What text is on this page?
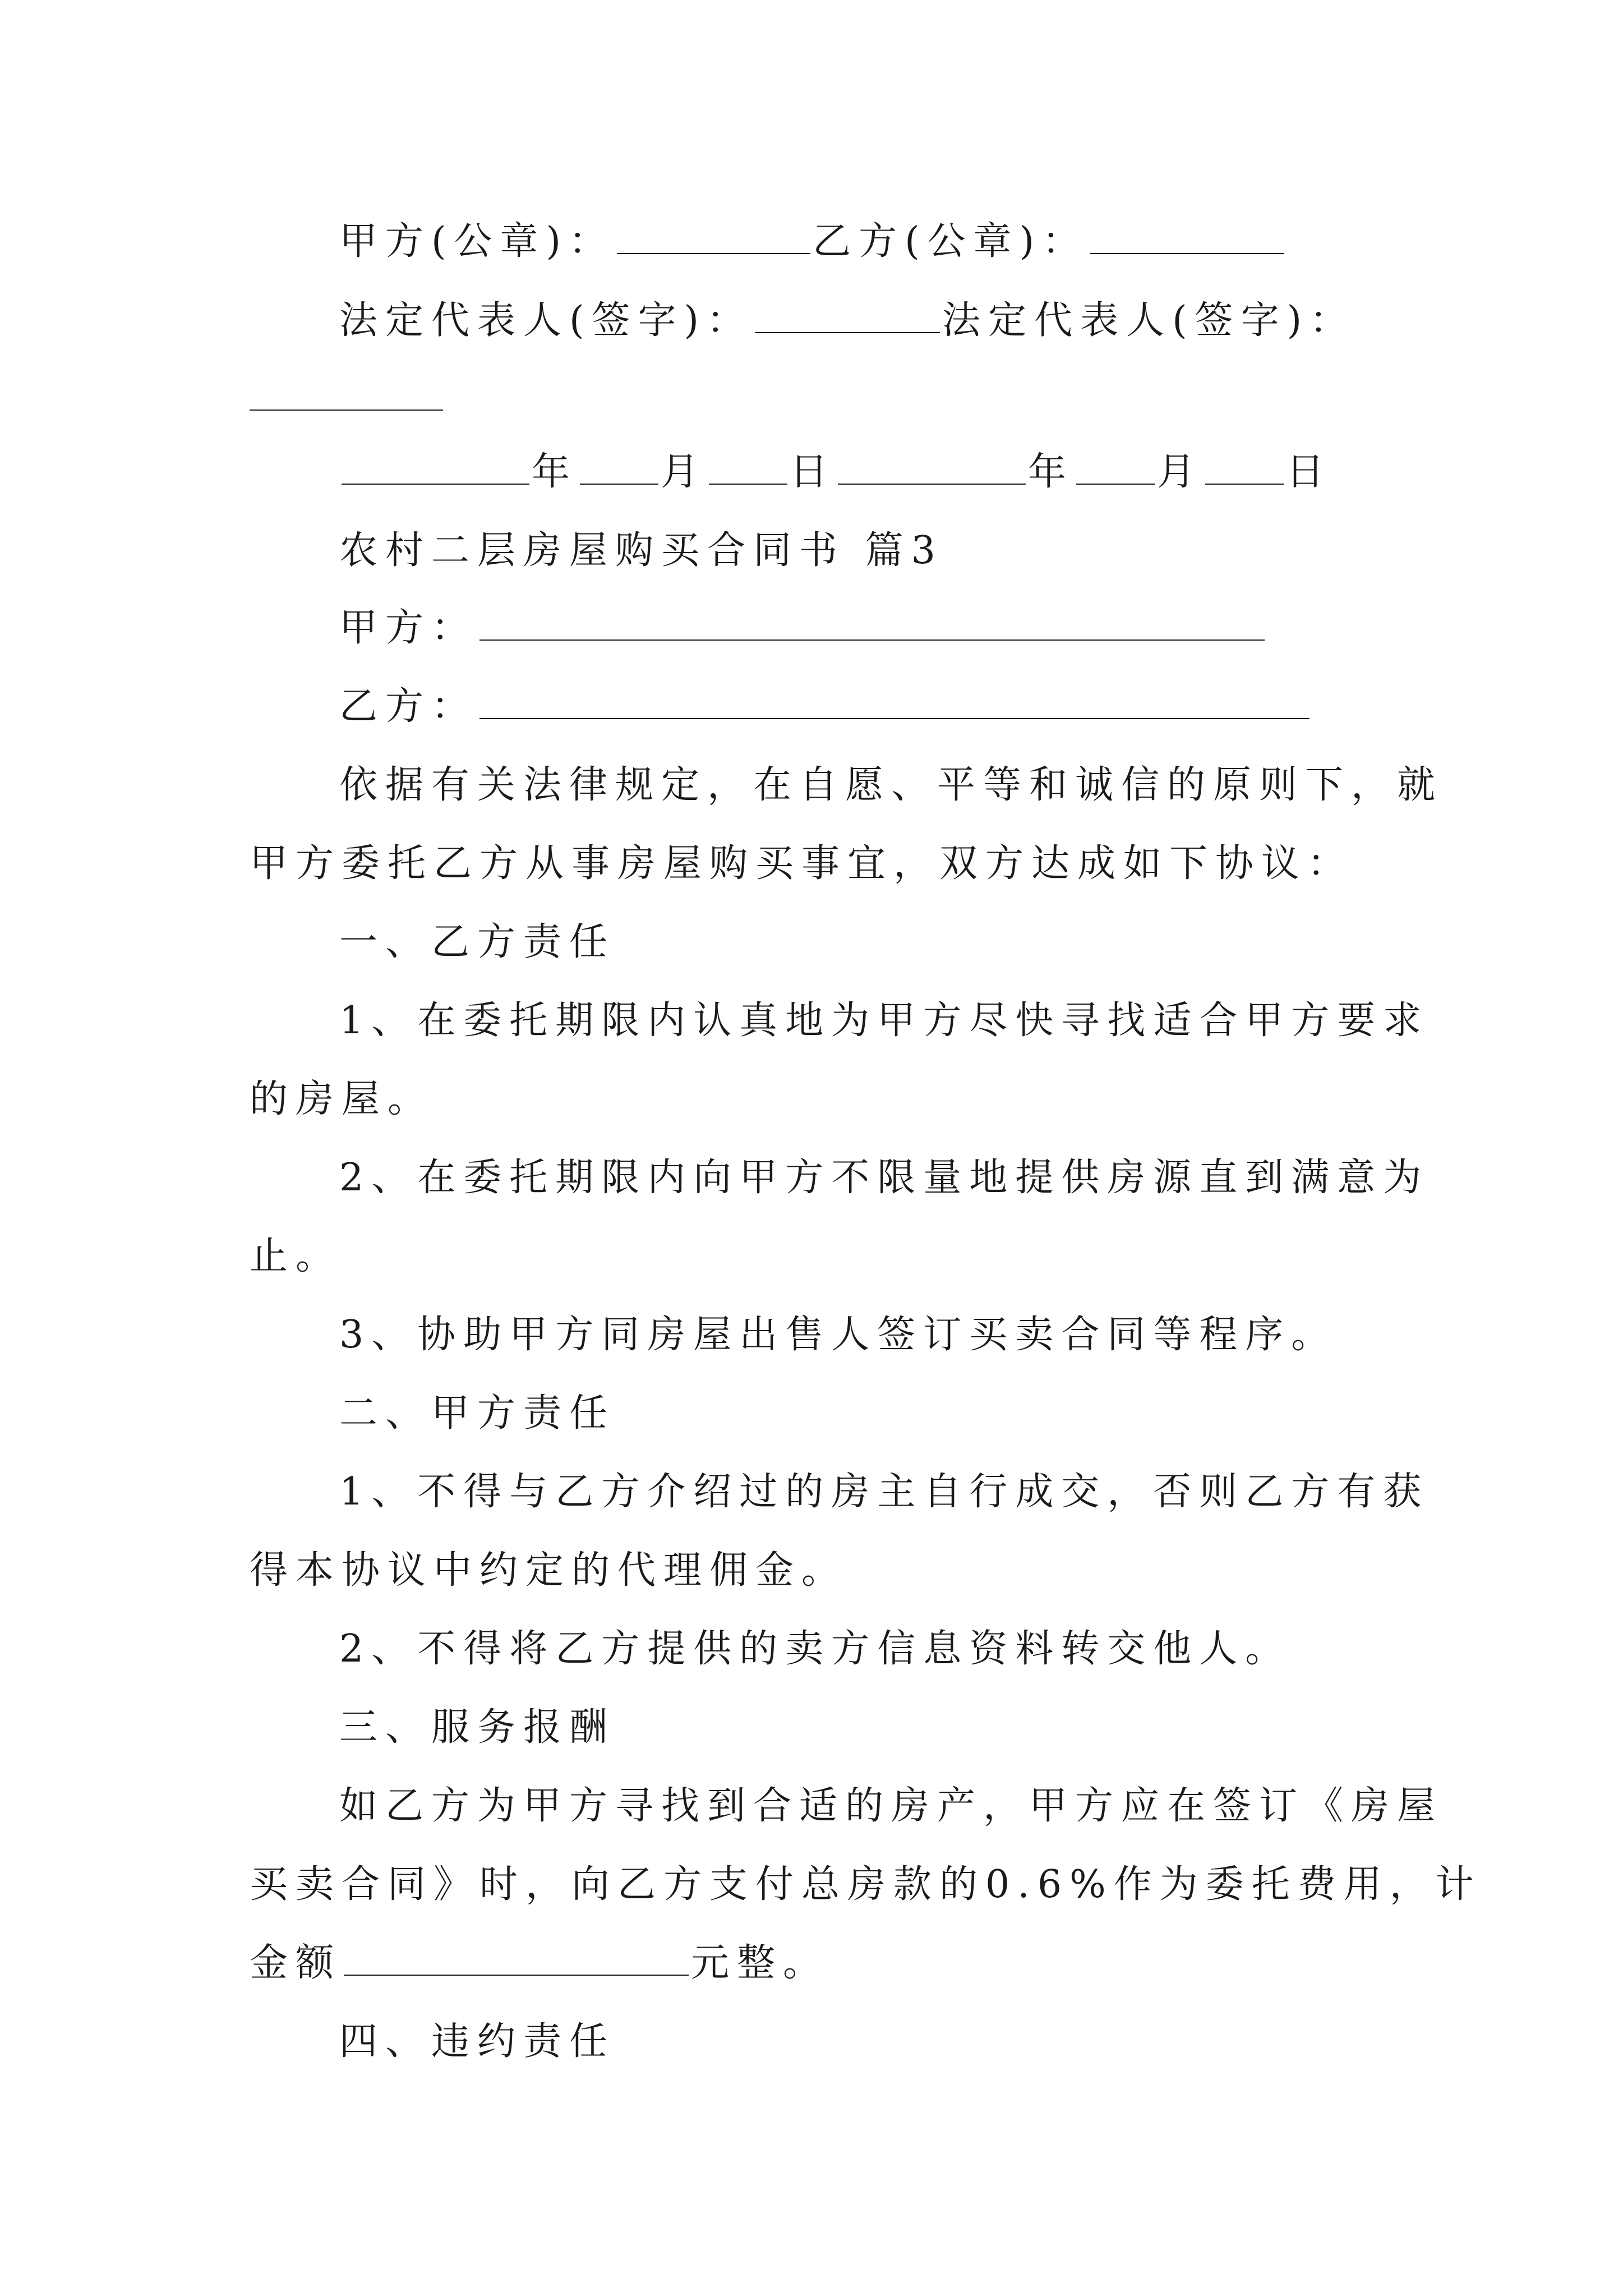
甲方(公章)：	乙方(公章)：
法定代表人(签字)：	法定代表人(签字)：
年 月 日	年 月 日
农村二层房屋购买合同书 篇3
甲方：
乙方：
依据有关法律规定，在自愿、平等和诚信的原则下，就
甲方委托乙方从事房屋购买事宜，双方达成如下协议：
一、乙方责任
1、在委托期限内认真地为甲方尽快寻找适合甲方要求
的房屋。
2、在委托期限内向甲方不限量地提供房源直到满意为
止。
3、协助甲方同房屋出售人签订买卖合同等程序。
二、甲方责任
1、不得与乙方介绍过的房主自行成交，否则乙方有获
得本协议中约定的代理佣金。
2、不得将乙方提供的卖方信息资料转交他人。
三、服务报酬
如乙方为甲方寻找到合适的房产，甲方应在签订《房屋
买卖合同》时，向乙方支付总房款的0.6%作为委托费用，计
金额	元整。
四、违约责任
